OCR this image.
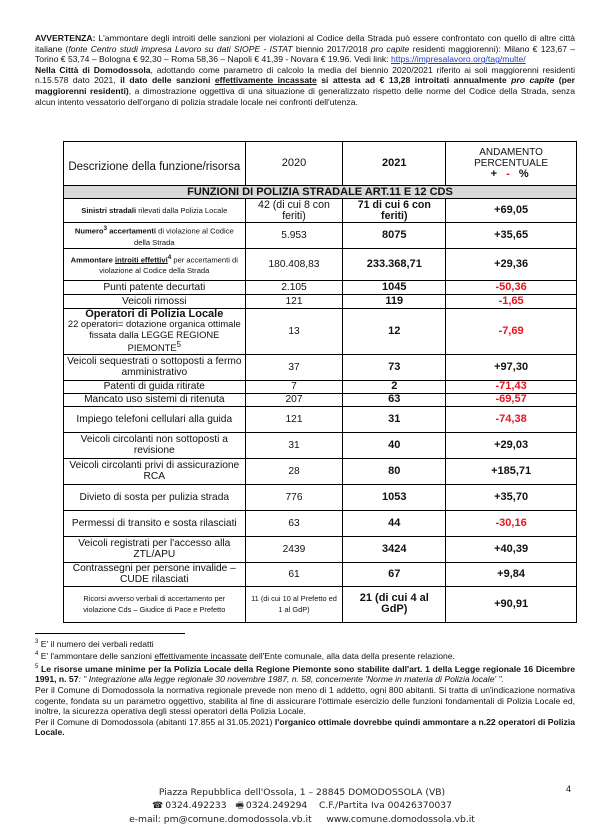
AVVERTENZA: L'ammontare degli introiti delle sanzioni per violazioni al Codice della Strada può essere confrontato con quello di altre città italiane (fonte Centro studi impresa Lavoro su dati SIOPE - ISTAT biennio 2017/2018 pro capite residenti maggiorenni): Milano € 123,67 – Torino € 53,74 – Bologna € 92,30 – Roma 58,36 – Napoli € 41,39 - Novara € 19.96. Vedi link: https://impresalavoro.org/tag/multe/

Nella Città di Domodossola, adottando come parametro di calcolo la media del biennio 2020/2021 riferito ai soli maggiorenni residenti n.15.578 dato 2021, il dato delle sanzioni effettivamente incassate si attesta ad € 13,28 introitati annualmente pro capite (per maggiorenni residenti), a dimostrazione oggettiva di una situazione di generalizzato rispetto delle norme del Codice della Strada, senza alcun intento vessatorio dell'organo di polizia stradale locale nei confronti dell'utenza.

Descrizione della funzione/risorsa	2020	2021	ANDAMENTO
PERCENTUALE
+ - %

FUNZIONI DI POLIZIA STRADALE ART.11 E 12 CDS			
Sinistri stradali rilevati dalla Polizia Locale	42 (di cui 8 con feriti)	71 di cui 6 con feriti)	+69,05
Numero$^3$ accertamenti di violazione al Codice della Strada	5.953	8075	+35,65
Ammontare introiti effettivi$^4$ per accertamenti di violazione al Codice della Strada	180.408,83	233.368,71	+29,36
Punti patente decurtati	2.105	1045	-50,36
Veicoli rimossi	121	119	-1,65
Operatori di Polizia Locale
22 operatori= dotazione organica ottimale fissata dalla LEGGE REGIONE PIEMONTE$^5$	13	12	-7,69
Veicoli sequestrati o sottoposti a fermo amministrativo	37	73	+97,30
Patenti di guida ritirate	7	2	-71,43
Mancato uso sistemi di ritenuta	207	63	-69,57
Impiego telefoni cellulari alla guida	121	31	-74,38
Veicoli circolanti non sottoposti a revisione	31	40	+29,03
Veicoli circolanti privi di assicurazione RCA	28	80	+185,71
Divieto di sosta per pulizia strada	776	1053	+35,70
Permessi di transito e sosta rilasciati	63	44	-30,16
Veicoli registrati per l'accesso alla ZTL/APU	2439	3424	+40,39
Contrassegni per persone invalide – CUDE rilasciati	61	67	+9,84
Ricorsi avverso verbali di accertamento per violazione Cds – Giudice di Pace e Prefetto	11 (di cui 10 al Prefetto ed 1 al GdP)	21 (di cui 4 al GdP)	+90,91

$^3$ E' il numero dei verbali redatti

$^4$ E' l'ammontare delle sanzioni effettivamente incassate dell'Ente comunale, alla data della presente relazione.

$^5$ Le risorse umane minime per la Polizia Locale della Regione Piemonte sono stabilite dall'art. 1 della Legge regionale 16 Dicembre 1991, n. 57: " Integrazione alla legge regionale 30 novembre 1987, n. 58, concernente 'Norme in materia di Polizia locale' ".

Per il Comune di Domodossola la normativa regionale prevede non meno di 1 addetto, ogni 800 abitanti. Si tratta di un'indicazione normativa cogente, fondata su un parametro oggettivo, stabilita al fine di assicurare l'ottimale esercizio delle funzioni fondamentali di Polizia Locale ed, inoltre, la sicurezza operativa degli stessi operatori della Polizia Locale.

Per il Comune di Domodossola (abitanti 17.855 al 31.05.2021) l'organico ottimale dovrebbe quindi ammontare a n.22 operatori di Polizia Locale.

4
Piazza Repubblica dell'Ossola, 1 – 28845 DOMODOSSOLA (VB)
☎ 0324.492233 🖷 0324.249294 C.F./Partita Iva 00426370037
e-mail: pm@comune.domodossola.vb.it www.comune.domodossola.vb.it
